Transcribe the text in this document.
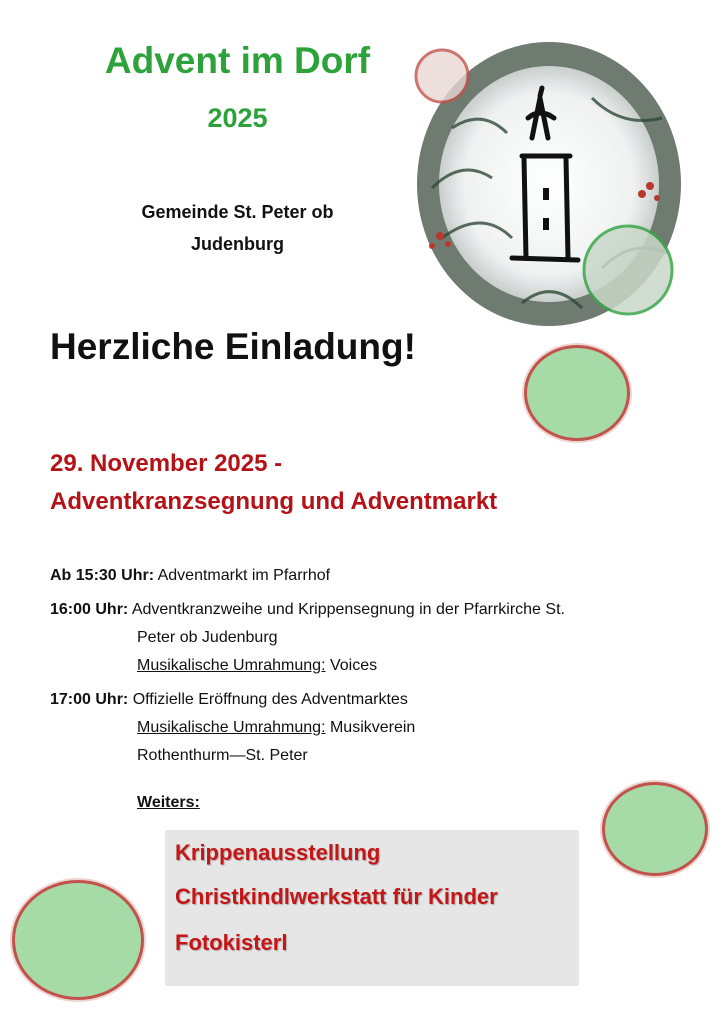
Advent im Dorf
2025
Gemeinde St. Peter ob
Judenburg
Herzliche Einladung!
29. November 2025 -
Adventkranzsegnung und Adventmarkt
Ab 15:30 Uhr: Adventmarkt im Pfarrhof
16:00 Uhr: Adventkranzweihe und Krippensegnung in der Pfarrkirche St.
Peter ob Judenburg
Musikalische Umrahmung: Voices
17:00 Uhr: Offizielle Eröffnung des Adventmarktes
Musikalische Umrahmung: Musikverein
Rothenthurm—St. Peter
Weiters:
Krippenausstellung
Christkindlwerkstatt für Kinder
Fotokisterl
